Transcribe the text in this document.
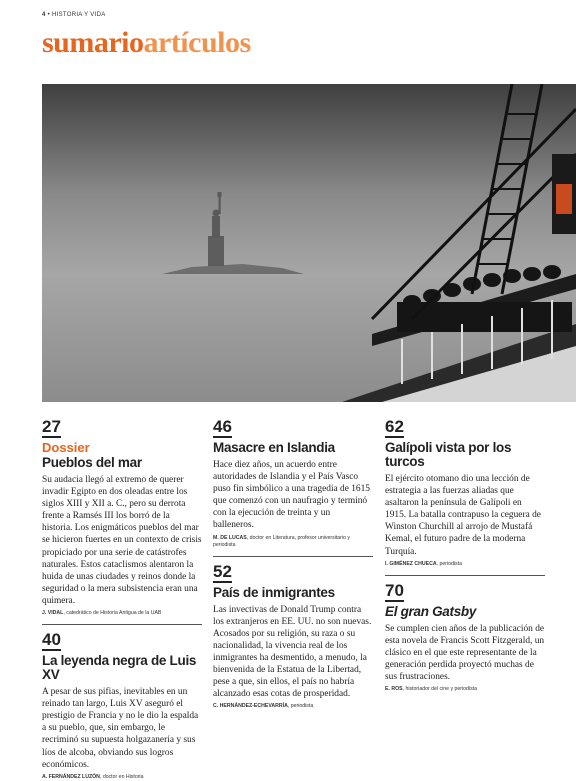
4 • HISTORIA Y VIDA
sumarioartículos
27
Dossier
Pueblos del mar

Su audacia llegó al extremo de querer invadir Egipto en dos oleadas entre los siglos XIII y XII a. C., pero su derrota frente a Ramsés III los borró de la historia. Los enigmáticos pueblos del mar se hicieron fuertes en un contexto de crisis propiciado por una serie de catástrofes naturales. Estos cataclismos alentaron la huida de unas ciudades y reinos donde la seguridad o la mera subsistencia eran una quimera.

J. VIDAL, catedrático de Historia Antigua de la UAB

40
La leyenda negra de Luis XV

A pesar de sus pifias, inevitables en un reinado tan largo, Luis XV aseguró el prestigio de Francia y no le dio la espalda a su pueblo, que, sin embargo, le recriminó su supuesta holgazanería y sus líos de alcoba, obviando sus logros económicos.

A. FERNÁNDEZ LUZÓN, doctor en Historia

46
Masacre en Islandia

Hace diez años, un acuerdo entre autoridades de Islandia y el País Vasco puso fin simbólico a una tragedia de 1615 que comenzó con un naufragio y terminó con la ejecución de treinta y un balleneros.

M. DE LUCAS, doctor en Literatura, profesor universitario y periodista

52
País de inmigrantes

Las invectivas de Donald Trump contra los extranjeros en EE. UU. no son nuevas. Acosados por su religión, su raza o su nacionalidad, la vivencia real de los inmigrantes ha desmentido, a menudo, la bienvenida de la Estatua de la Libertad, pese a que, sin ellos, el país no habría alcanzado esas cotas de prosperidad.

C. HERNÁNDEZ-ECHEVARRÍA, periodista

62
Galípoli vista por los turcos

El ejército otomano dio una lección de estrategia a las fuerzas aliadas que asaltaron la península de Galípoli en 1915. La batalla contrapuso la ceguera de Winston Churchill al arrojo de Mustafá Kemal, el futuro padre de la moderna Turquía.

I. GIMÉNEZ CHUECA, periodista

70
El gran Gatsby

Se cumplen cien años de la publicación de esta novela de Francis Scott Fitzgerald, un clásico en el que este representante de la generación perdida proyectó muchas de sus frustraciones.

E. ROS, historiador del cine y periodista
